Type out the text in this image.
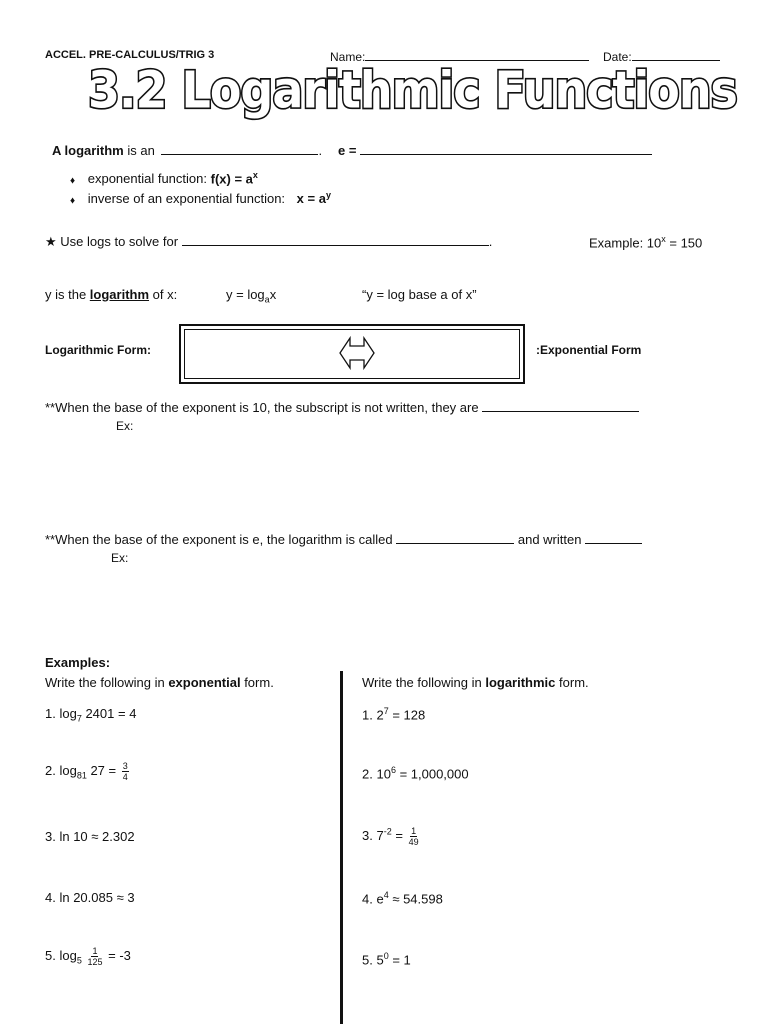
ACCEL. PRE-CALCULUS/TRIG 3	Name:	Date:
3.2 Logarithmic Functions
A logarithm is an	. e =
♦ exponential function: $f(x) = a^x$
♦ inverse of an exponential function: $x = a^y$
★ Use logs to solve for	.	Example: $10^x = 150$
y is the logarithm of x:	$y = \log_ax$	“y = log base a of x”
Logarithmic Form:	:Exponential Form
**When the base of the exponent is 10, the subscript is not written, they are
Ex:
**When the base of the exponent is e, the logarithm is called	and written
Ex:
Examples:
Write the following in exponential form.	Write the following in logarithmic form.
1. $\log_7 2401 = 4$
2. $\log_{81} 27 = \frac{3}{4}$
3. ln 10 ≈ 2.302
4. ln 20.085 ≈ 3
5. $\log_5 \frac{1}{125} = -3$
1. $2^7 = 128$
2. $10^6 = 1,000,000$
3. $7^{-2} = \frac{1}{49}$
4. $e^4 \approx 54.598$
5. $5^0 = 1$
